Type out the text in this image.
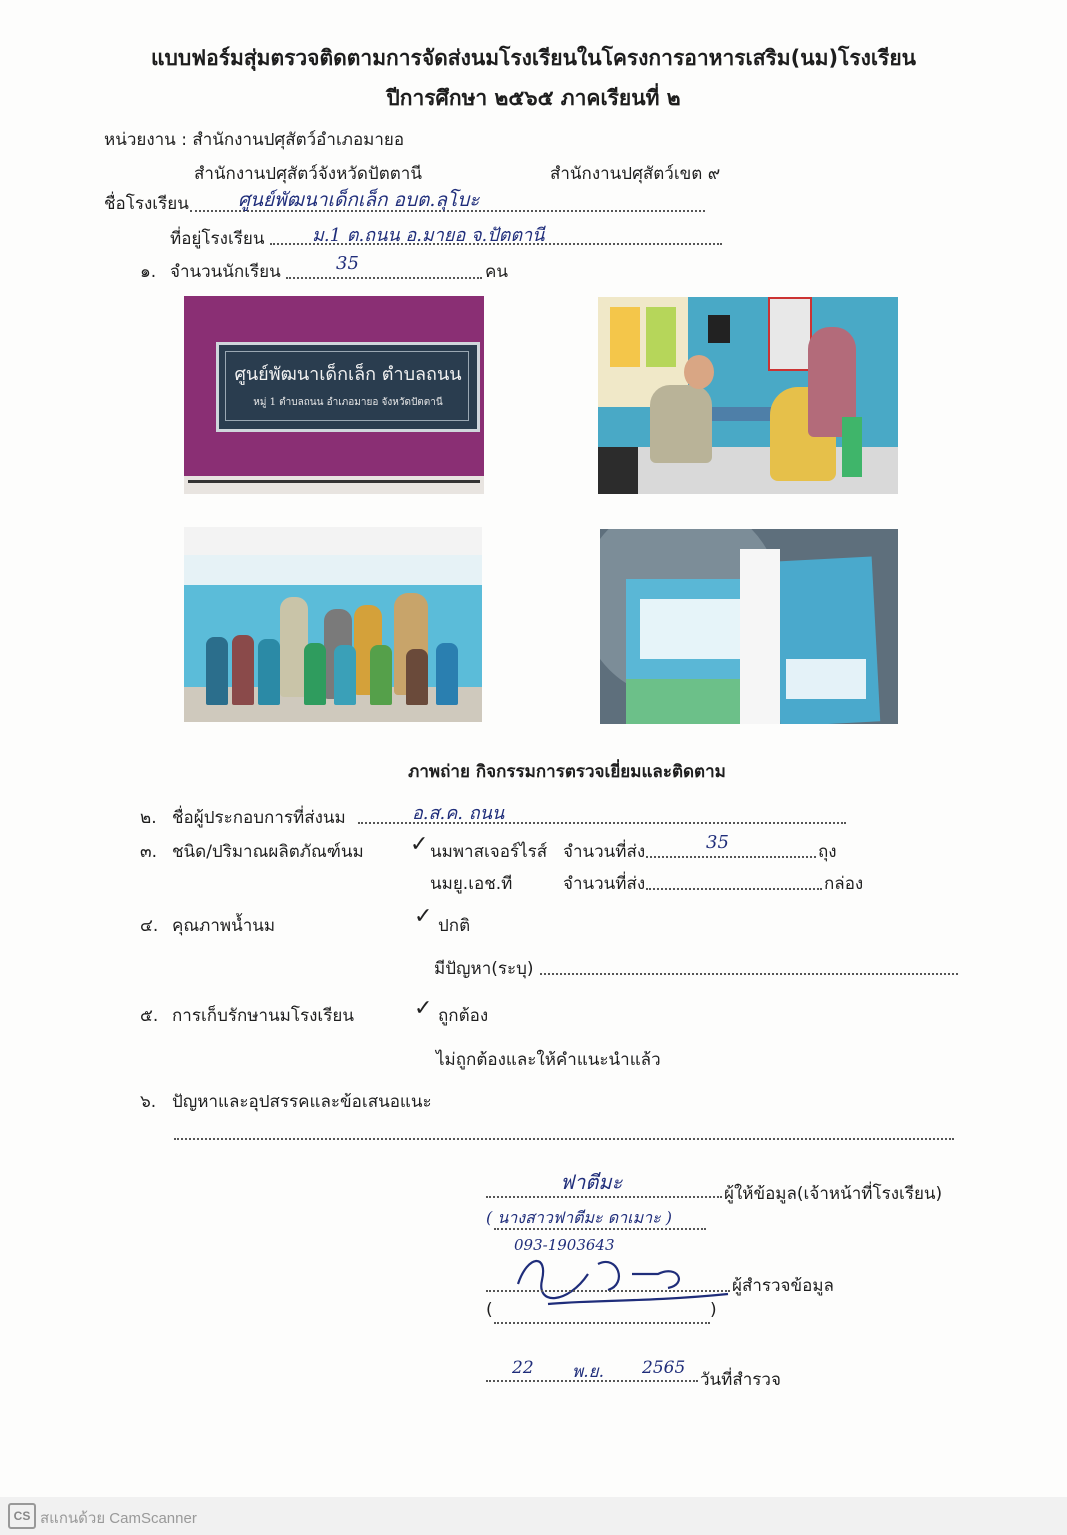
แบบฟอร์มสุ่มตรวจติดตามการจัดส่งนมโรงเรียนในโครงการอาหารเสริม(นม)โรงเรียน
ปีการศึกษา ๒๕๖๕ ภาคเรียนที่ ๒
หน่วยงาน : สำนักงานปศุสัตว์อำเภอมายอ
สำนักงานปศุสัตว์จังหวัดปัตตานี	สำนักงานปศุสัตว์เขต ๙
ชื่อโรงเรียน	ศูนย์พัฒนาเด็กเล็ก อบต.ลุโบะ
ที่อยู่โรงเรียน	ม.1 ต.ถนน อ.มายอ จ.ปัตตานี
๑. จำนวนนักเรียน	35	คน
ศูนย์พัฒนาเด็กเล็ก ตำบลถนน
หมู่ 1 ตำบลถนน อำเภอมายอ จังหวัดปัตตานี
ภาพถ่าย กิจกรรมการตรวจเยี่ยมและติดตาม
๒. ชื่อผู้ประกอบการที่ส่งนม	อ.ส.ค. ถนน
๓. ชนิด/ปริมาณผลิตภัณฑ์นม ✓ นมพาสเจอร์ไรส์ จำนวนที่ส่ง	35	ถุง
นมยู.เอช.ที	จำนวนที่ส่ง	กล่อง
๔. คุณภาพน้ำนม	✓ ปกติ
มีปัญหา(ระบุ)
๕. การเก็บรักษานมโรงเรียน	✓ ถูกต้อง
ไม่ถูกต้องและให้คำแนะนำแล้ว
๖. ปัญหาและอุปสรรคและข้อเสนอแนะ
ฟาตีมะ	ผู้ให้ข้อมูล(เจ้าหน้าที่โรงเรียน)
( นางสาวฟาตีมะ ดาเมาะ )
093-1903643
ผู้สำรวจข้อมูล
(	)
22 พ.ย. 2565
วันที่สำรวจ
CS สแกนด้วย CamScanner
